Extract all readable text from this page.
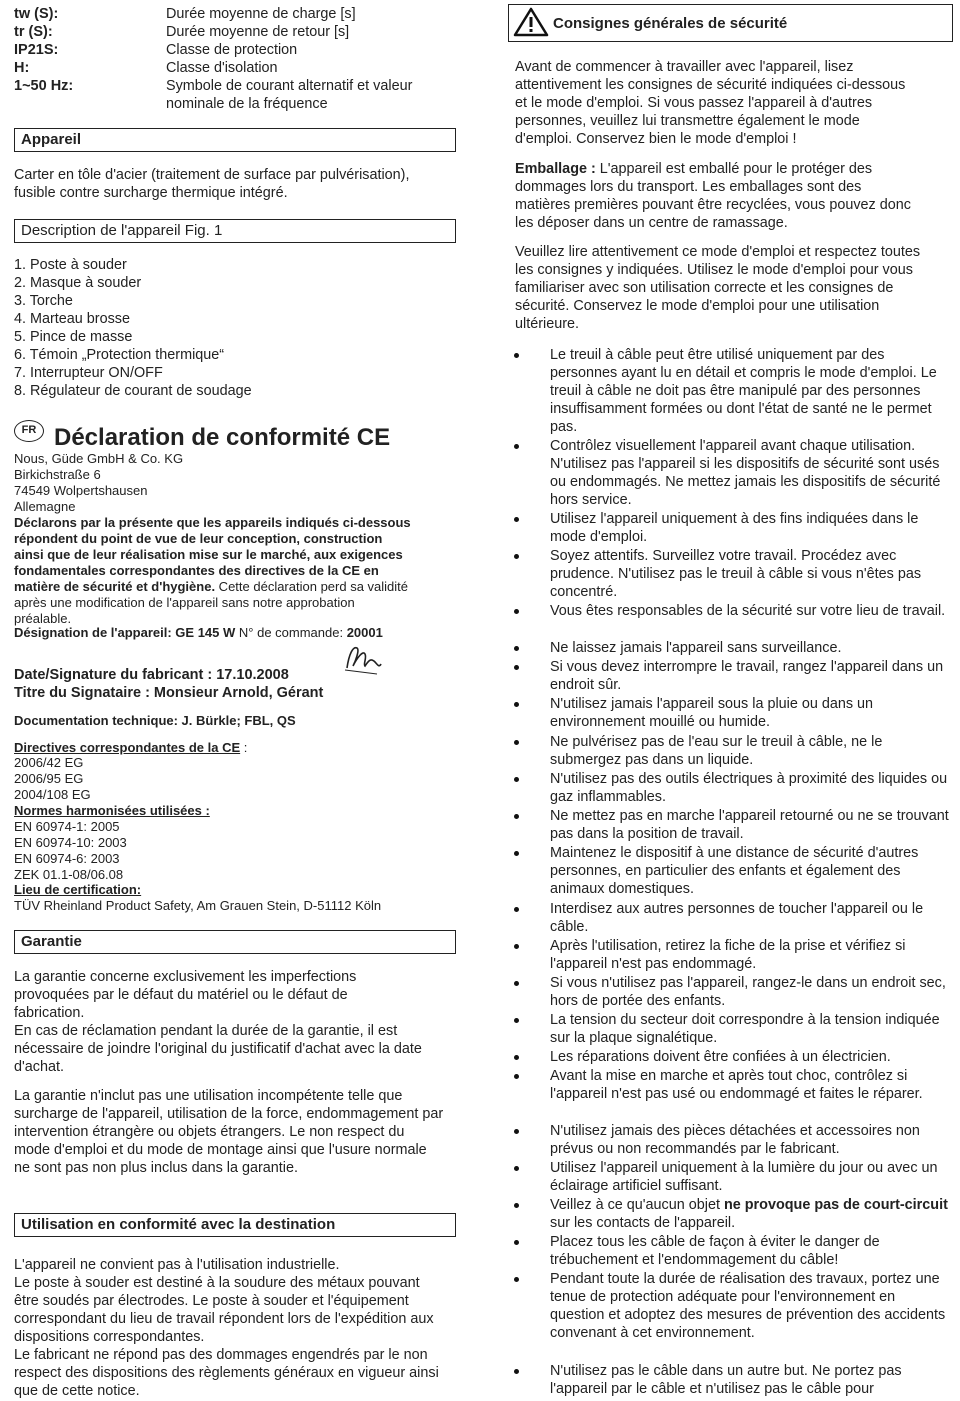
tw (S):	Durée moyenne de charge [s]
tr (S):	Durée moyenne de retour [s]
IP21S:	Classe de protection
H:	Classe d'isolation
1~50 Hz:	Symbole de courant alternatif et valeur nominale de la fréquence
Appareil
Carter en tôle d'acier (traitement de surface par pulvérisation), fusible contre surcharge thermique intégré.
Description de l'appareil Fig. 1
1. Poste à souder
2. Masque à souder
3. Torche
4. Marteau brosse
5. Pince de masse
6. Témoin „Protection thermique“
7. Interrupteur ON/OFF
8. Régulateur de courant de soudage
FR Déclaration de conformité CE
Nous, Güde GmbH & Co. KG
Birkichstraße 6
74549 Wolpertshausen
Allemagne
Déclarons par la présente que les appareils indiqués ci-dessous répondent du point de vue de leur conception, construction ainsi que de leur réalisation mise sur le marché, aux exigences fondamentales correspondantes des directives de la CE en matière de sécurité et d'hygiène. Cette déclaration perd sa validité après une modification de l'appareil sans notre approbation préalable.
Désignation de l'appareil: GE 145 W N° de commande: 20001
Date/Signature du fabricant : 17.10.2008
Titre du Signataire : Monsieur Arnold, Gérant
Documentation technique: J. Bürkle; FBL, QS
Directives correspondantes de la CE :
2006/42 EG
2006/95 EG
2004/108 EG
Normes harmonisées utilisées :
EN 60974-1: 2005
EN 60974-10: 2003
EN 60974-6: 2003
ZEK 01.1-08/06.08
Lieu de certification:
TÜV Rheinland Product Safety, Am Grauen Stein, D-51112 Köln
Garantie
La garantie concerne exclusivement les imperfections provoquées par le défaut du matériel ou le défaut de fabrication.
En cas de réclamation pendant la durée de la garantie, il est nécessaire de joindre l'original du justificatif d'achat avec la date d'achat.
La garantie n'inclut pas une utilisation incompétente telle que surcharge de l'appareil, utilisation de la force, endommagement par intervention étrangère ou objets étrangers. Le non respect du mode d'emploi et du mode de montage ainsi que l'usure normale ne sont pas non plus inclus dans la garantie.
Utilisation en conformité avec la destination
L'appareil ne convient pas à l'utilisation industrielle.
Le poste à souder est destiné à la soudure des métaux pouvant être soudés par électrodes. Le poste à souder et l'équipement correspondant du lieu de travail répondent lors de l'expédition aux dispositions correspondantes.
Le fabricant ne répond pas des dommages engendrés par le non respect des dispositions des règlements généraux en vigueur ainsi que de cette notice.
Consignes générales de sécurité
Avant de commencer à travailler avec l'appareil, lisez attentivement les consignes de sécurité indiquées ci-dessous et le mode d'emploi. Si vous passez l'appareil à d'autres personnes, veuillez lui transmettre également le mode d'emploi. Conservez bien le mode d'emploi !
Emballage : L'appareil est emballé pour le protéger des dommages lors du transport. Les emballages sont des matières premières pouvant être recyclées, vous pouvez donc les déposer dans un centre de ramassage.
Veuillez lire attentivement ce mode d'emploi et respectez toutes les consignes y indiquées. Utilisez le mode d'emploi pour vous familiariser avec son utilisation correcte et les consignes de sécurité. Conservez le mode d'emploi pour une utilisation ultérieure.
Le treuil à câble peut être utilisé uniquement par des personnes ayant lu en détail et compris le mode d'emploi. Le treuil à câble ne doit pas être manipulé par des personnes insuffisamment formées ou dont l'état de santé ne le permet pas.
Contrôlez visuellement l'appareil avant chaque utilisation. N'utilisez pas l'appareil si les dispositifs de sécurité sont usés ou endommagés. Ne mettez jamais les dispositifs de sécurité hors service.
Utilisez l'appareil uniquement à des fins indiquées dans le mode d'emploi.
Soyez attentifs. Surveillez votre travail. Procédez avec prudence. N'utilisez pas le treuil à câble si vous n'êtes pas concentré.
Vous êtes responsables de la sécurité sur votre lieu de travail.
Ne laissez jamais l'appareil sans surveillance.
Si vous devez interrompre le travail, rangez l'appareil dans un endroit sûr.
N'utilisez jamais l'appareil sous la pluie ou dans un environnement mouillé ou humide.
Ne pulvérisez pas de l'eau sur le treuil à câble, ne le submergez pas dans un liquide.
N'utilisez pas des outils électriques à proximité des liquides ou gaz inflammables.
Ne mettez pas en marche l'appareil retourné ou ne se trouvant pas dans la position de travail.
Maintenez le dispositif à une distance de sécurité d'autres personnes, en particulier des enfants et également des animaux domestiques.
Interdisez aux autres personnes de toucher l'appareil ou le câble.
Après l'utilisation, retirez la fiche de la prise et vérifiez si l'appareil n'est pas endommagé.
Si vous n'utilisez pas l'appareil, rangez-le dans un endroit sec, hors de portée des enfants.
La tension du secteur doit correspondre à la tension indiquée sur la plaque signalétique.
Les réparations doivent être confiées à un électricien.
Avant la mise en marche et après tout choc, contrôlez si l'appareil n'est pas usé ou endommagé et faites le réparer.
N'utilisez jamais des pièces détachées et accessoires non prévus ou non recommandés par le fabricant.
Utilisez l'appareil uniquement à la lumière du jour ou avec un éclairage artificiel suffisant.
Veillez à ce qu'aucun objet ne provoque pas de court-circuit sur les contacts de l'appareil.
Placez tous les câble de façon à éviter le danger de trébuchement et l'endommagement du câble!
Pendant toute la durée de réalisation des travaux, portez une tenue de protection adéquate pour l'environnement en question et adoptez des mesures de prévention des accidents convenant à cet environnement.
N'utilisez pas le câble dans un autre but. Ne portez pas l'appareil par le câble et n'utilisez pas le câble pour
